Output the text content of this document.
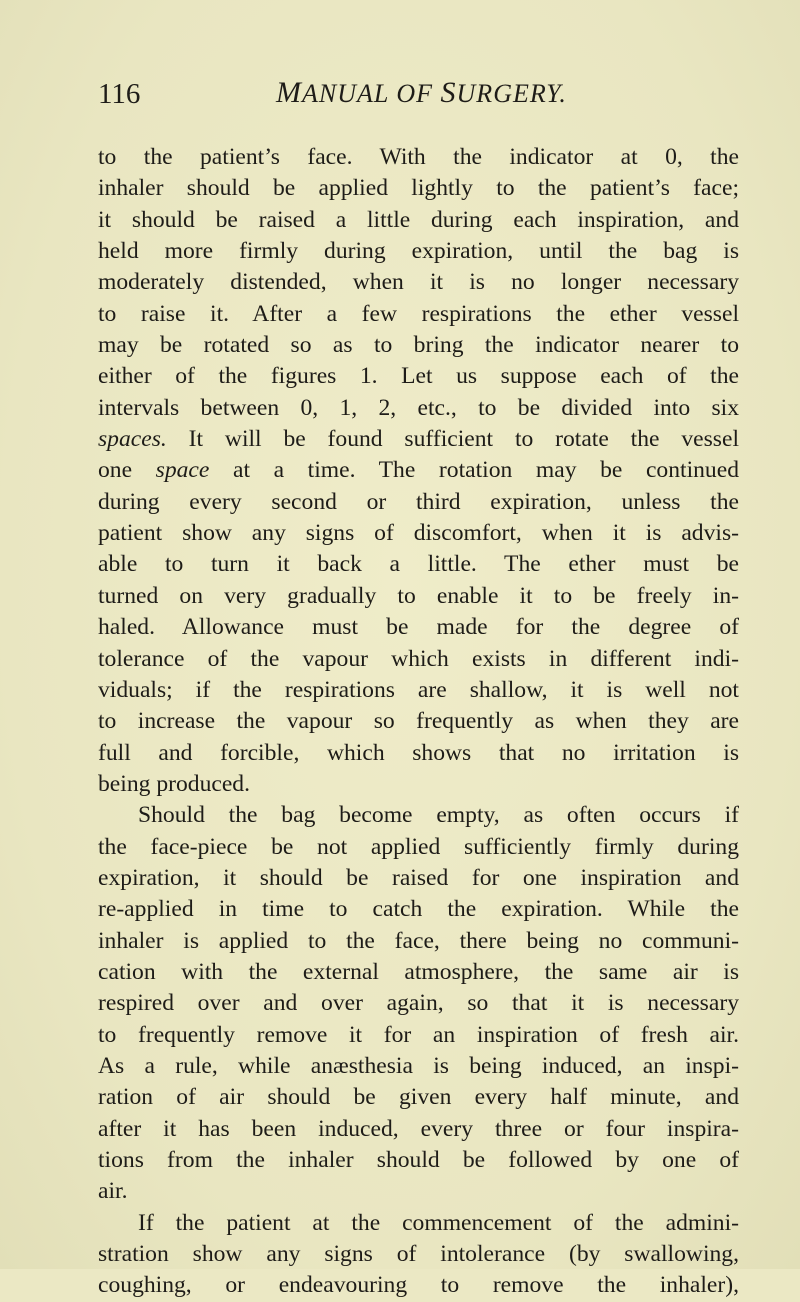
116	MANUAL OF SURGERY.
to the patient’s face. With the indicator at 0, the
inhaler should be applied lightly to the patient’s face;
it should be raised a little during each inspiration, and
held more firmly during expiration, until the bag is
moderately distended, when it is no longer necessary
to raise it. After a few respirations the ether vessel
may be rotated so as to bring the indicator nearer to
either of the figures 1. Let us suppose each of the
intervals between 0, 1, 2, etc., to be divided into six
spaces. It will be found sufficient to rotate the vessel
one space at a time. The rotation may be continued
during every second or third expiration, unless the
patient show any signs of discomfort, when it is advis-
able to turn it back a little. The ether must be
turned on very gradually to enable it to be freely in-
haled. Allowance must be made for the degree of
tolerance of the vapour which exists in different indi-
viduals; if the respirations are shallow, it is well not
to increase the vapour so frequently as when they are
full and forcible, which shows that no irritation is
being produced.
Should the bag become empty, as often occurs if
the face-piece be not applied sufficiently firmly during
expiration, it should be raised for one inspiration and
re-applied in time to catch the expiration. While the
inhaler is applied to the face, there being no communi-
cation with the external atmosphere, the same air is
respired over and over again, so that it is necessary
to frequently remove it for an inspiration of fresh air.
As a rule, while anæsthesia is being induced, an inspi-
ration of air should be given every half minute, and
after it has been induced, every three or four inspira-
tions from the inhaler should be followed by one of
air.
If the patient at the commencement of the admini-
stration show any signs of intolerance (by swallowing,
coughing, or endeavouring to remove the inhaler),
